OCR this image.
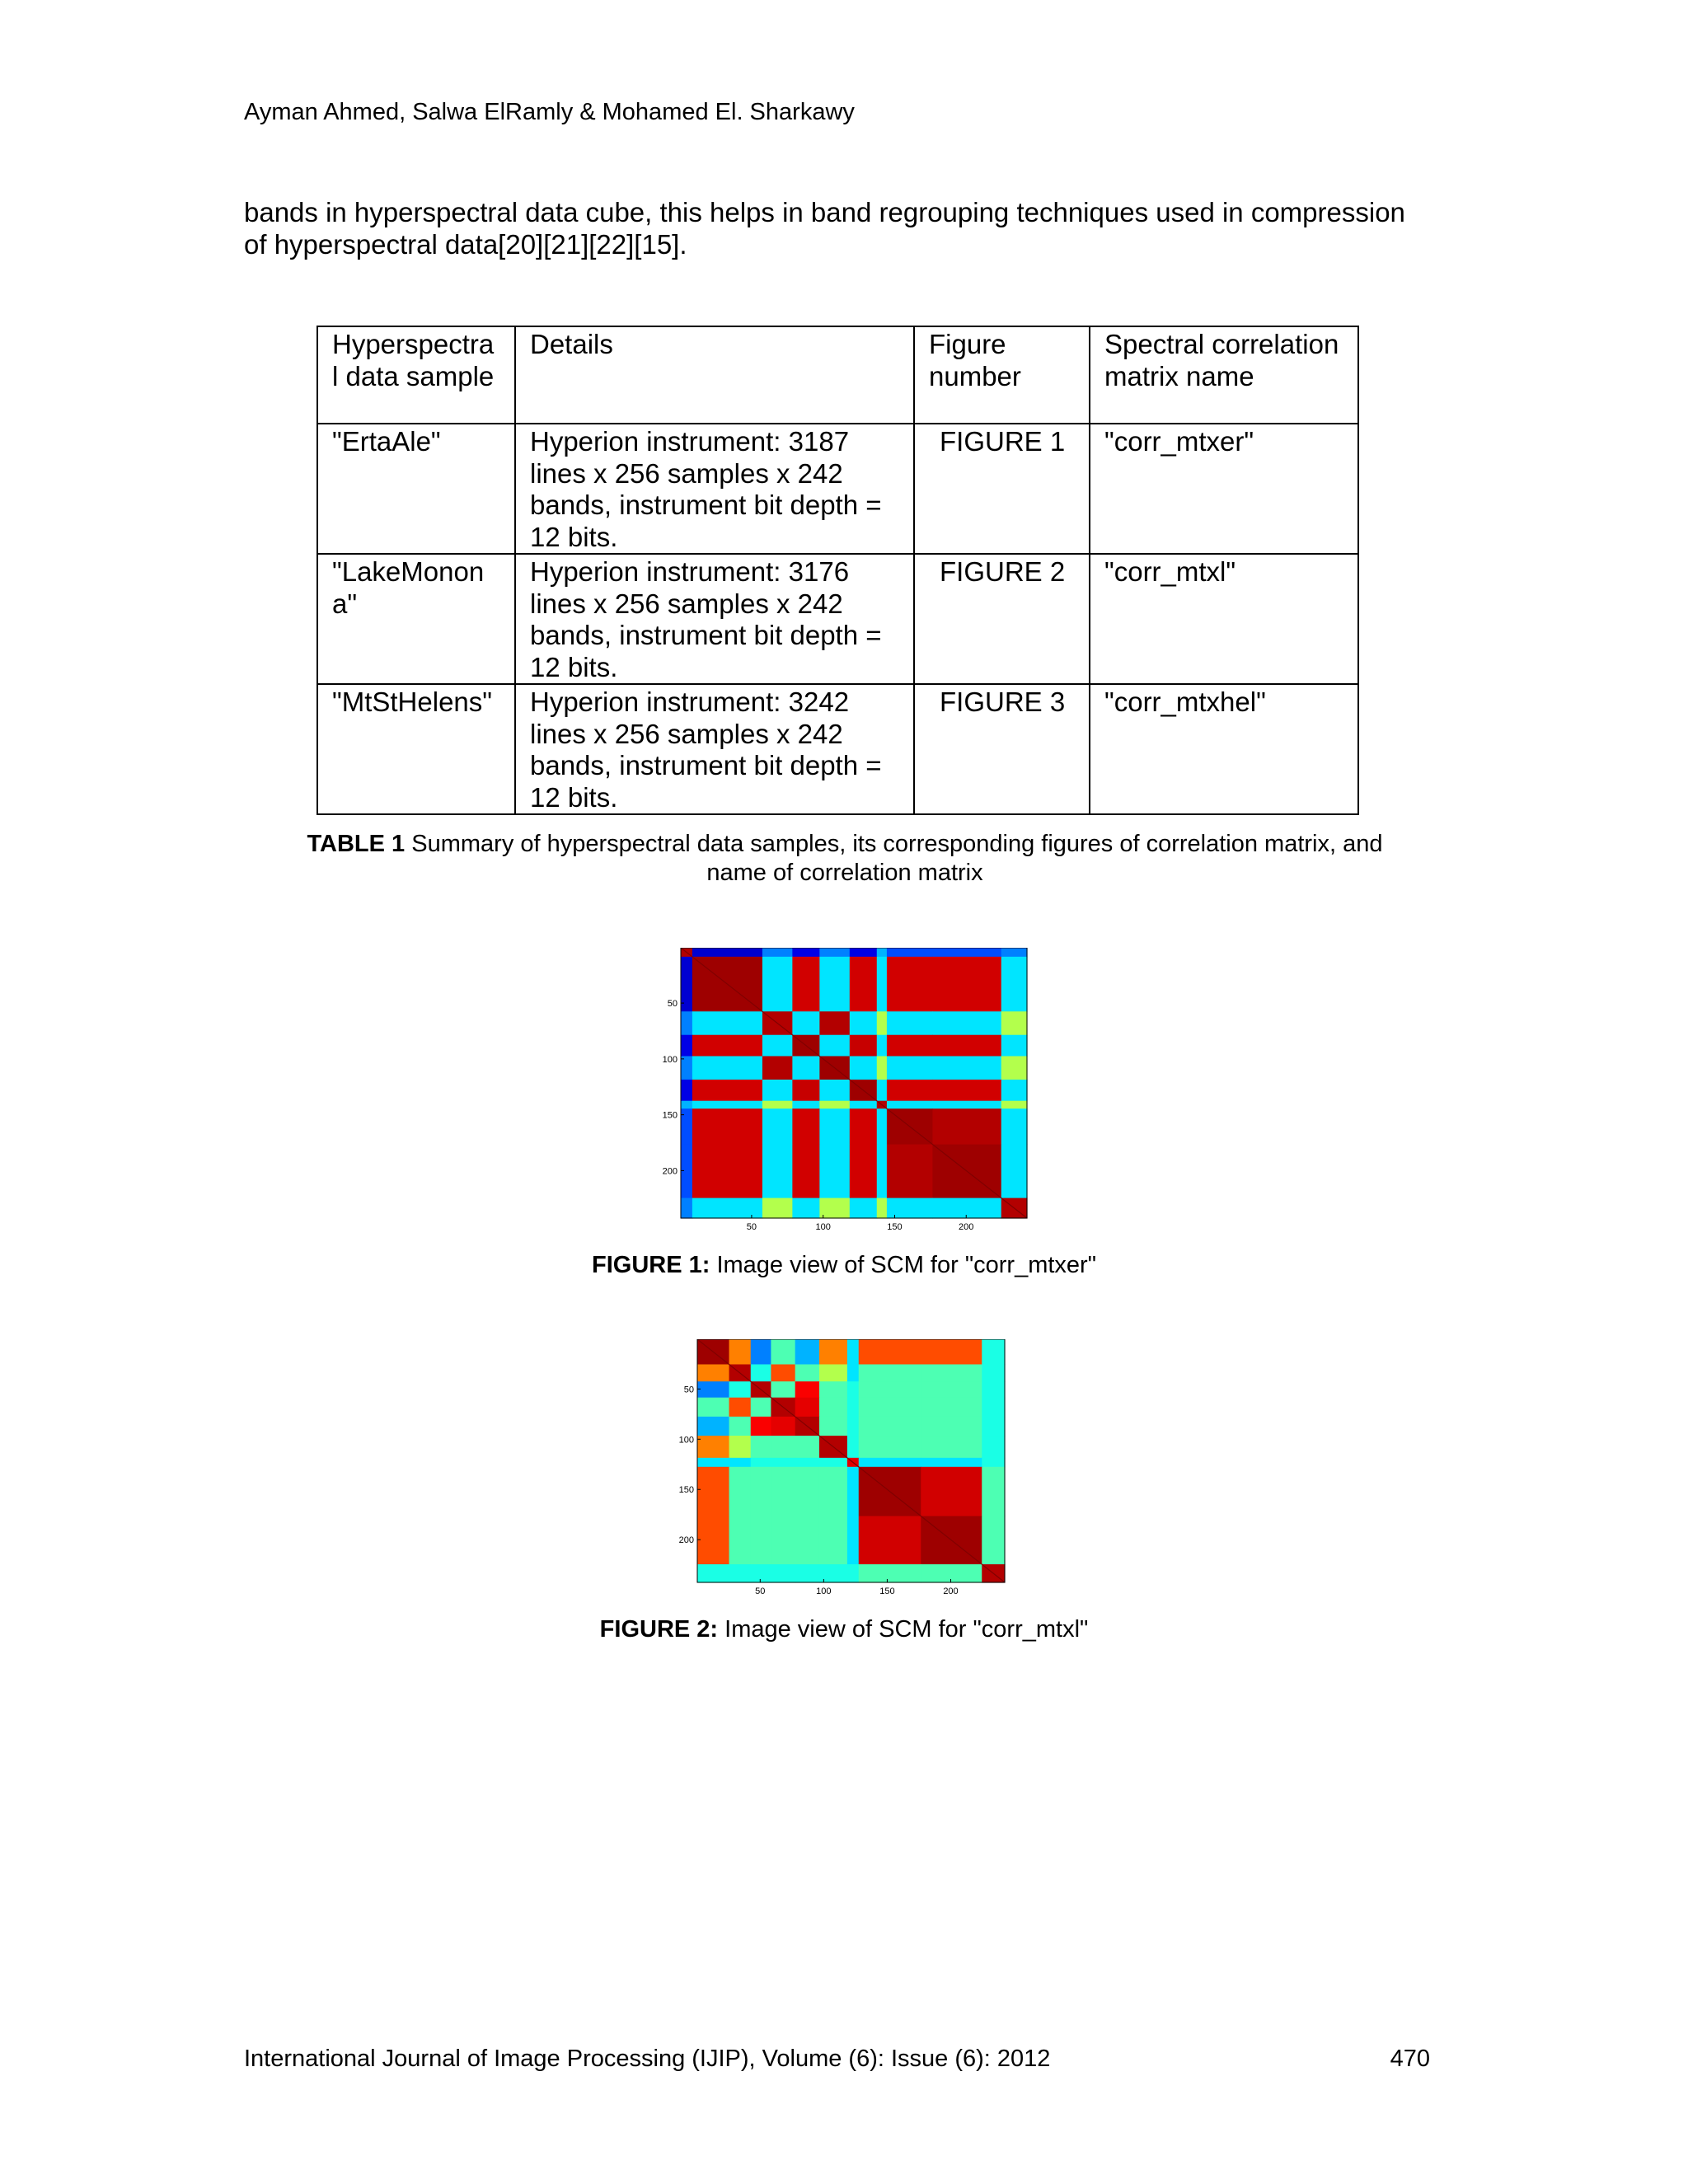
Ayman Ahmed, Salwa ElRamly & Mohamed El. Sharkawy

bands in hyperspectral data cube, this helps in band regrouping techniques used in compression

of hyperspectral data[20][21][22][15].

Hyperspectra l data sample	Details	Figure number	Spectral correlation matrix name
"ErtaAle"	Hyperion instrument: 3187 lines x 256 samples x 242 bands, instrument bit depth = 12 bits.	FIGURE 1	"corr_mtxer"
"LakeMonon a"	Hyperion instrument: 3176 lines x 256 samples x 242 bands, instrument bit depth = 12 bits.	FIGURE 2	"corr_mtxl"
"MtStHelens"	Hyperion instrument: 3242 lines x 256 samples x 242 bands, instrument bit depth = 12 bits.	FIGURE 3	"corr_mtxhel"
TABLE 1 Summary of hyperspectral data samples, its corresponding figures of correlation matrix, and name of correlation matrix
50	100	150	200
50
100
150
200
FIGURE 1: Image view of SCM for "corr_mtxer"
50	100	150	200
50
100
150
200
FIGURE 2: Image view of SCM for "corr_mtxl"
International Journal of Image Processing (IJIP), Volume (6): Issue (6): 2012	470
